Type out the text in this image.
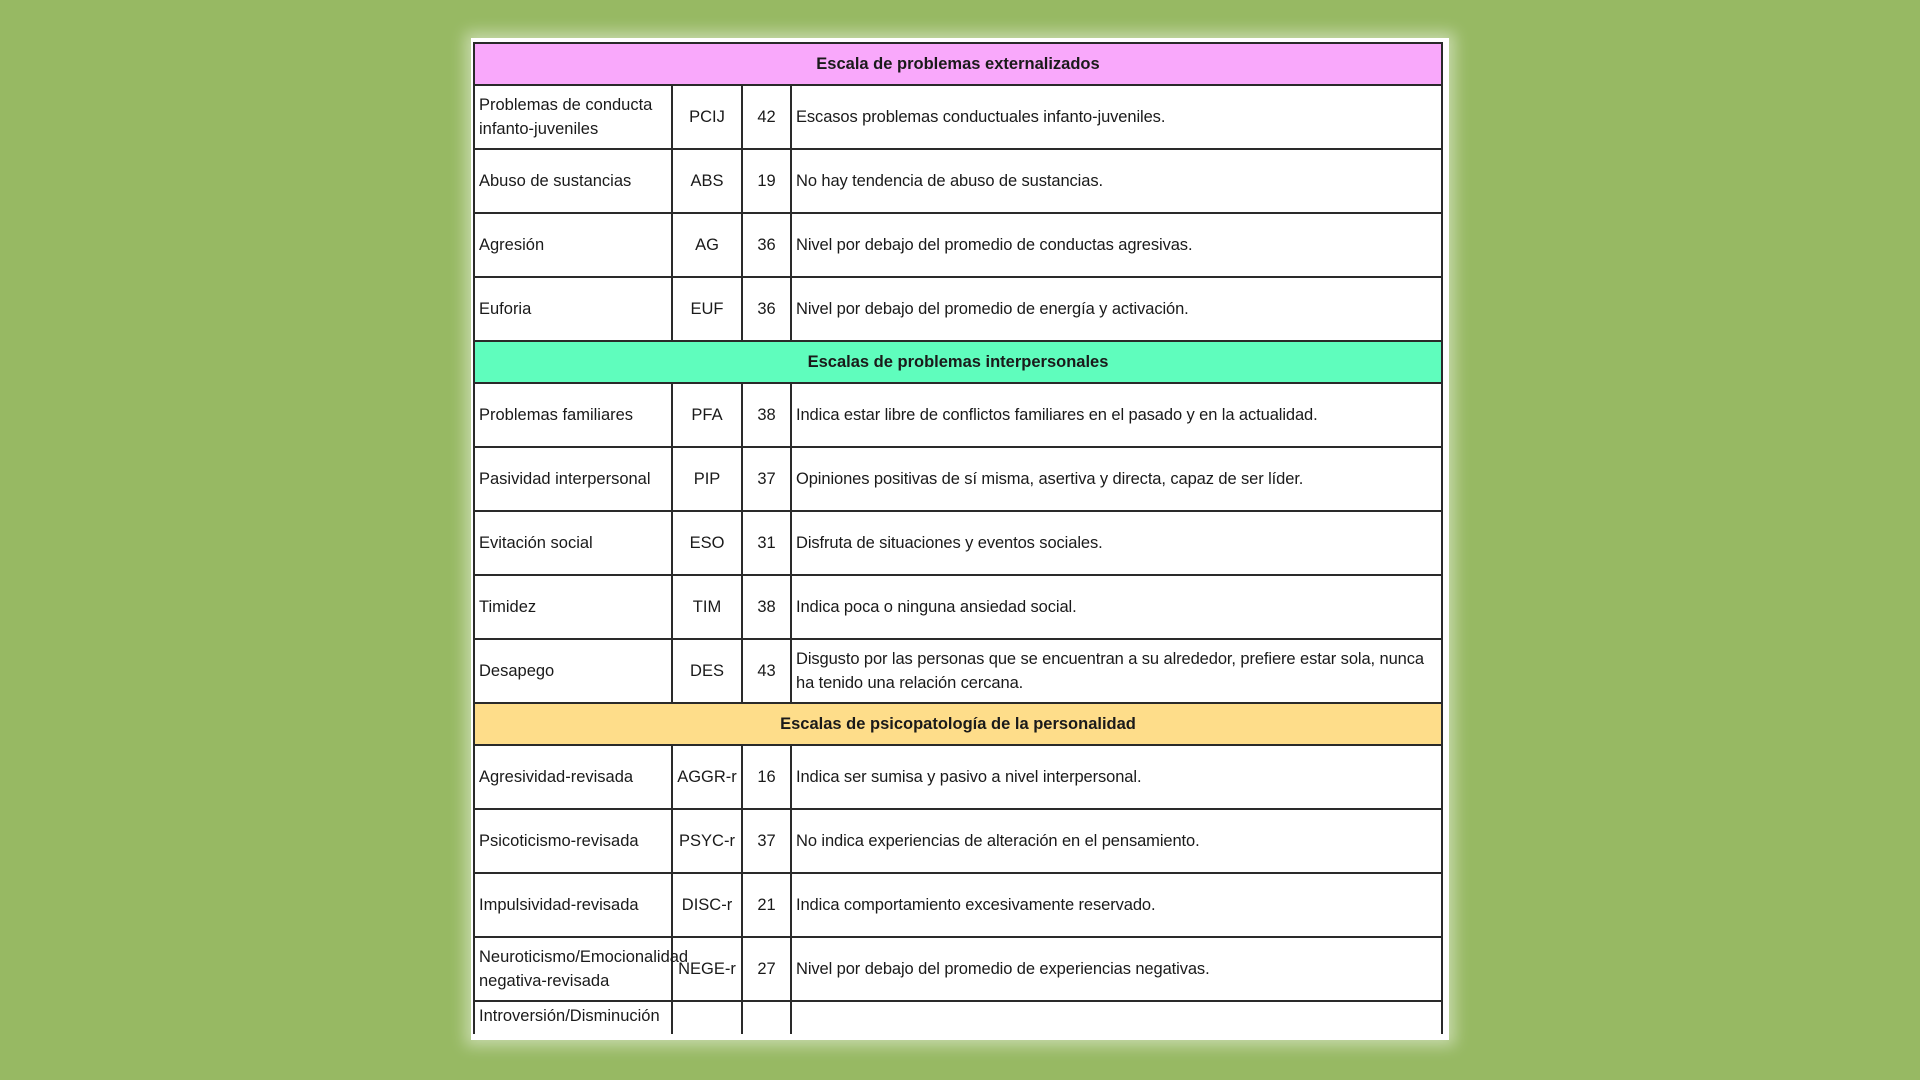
Escala de problemas externalizados			
Problemas de conducta infanto-juveniles	PCIJ	42	Escasos problemas conductuales infanto-juveniles.
Abuso de sustancias	ABS	19	No hay tendencia de abuso de sustancias.
Agresión	AG	36	Nivel por debajo del promedio de conductas agresivas.
Euforia	EUF	36	Nivel por debajo del promedio de energía y activación.
Escalas de problemas interpersonales			
Problemas familiares	PFA	38	Indica estar libre de conflictos familiares en el pasado y en la actualidad.
Pasividad interpersonal	PIP	37	Opiniones positivas de sí misma, asertiva y directa, capaz de ser líder.
Evitación social	ESO	31	Disfruta de situaciones y eventos sociales.
Timidez	TIM	38	Indica poca o ninguna ansiedad social.
Desapego	DES	43	Disgusto por las personas que se encuentran a su alrededor, prefiere estar sola, nunca ha tenido una relación cercana.
Escalas de psicopatología de la personalidad			
Agresividad-revisada	AGGR-r	16	Indica ser sumisa y pasivo a nivel interpersonal.
Psicoticismo-revisada	PSYC-r	37	No indica experiencias de alteración en el pensamiento.
Impulsividad-revisada	DISC-r	21	Indica comportamiento excesivamente reservado.
Neuroticismo/Emocionalidad negativa-revisada	NEGE-r	27	Nivel por debajo del promedio de experiencias negativas.
Introversión/Disminución			
